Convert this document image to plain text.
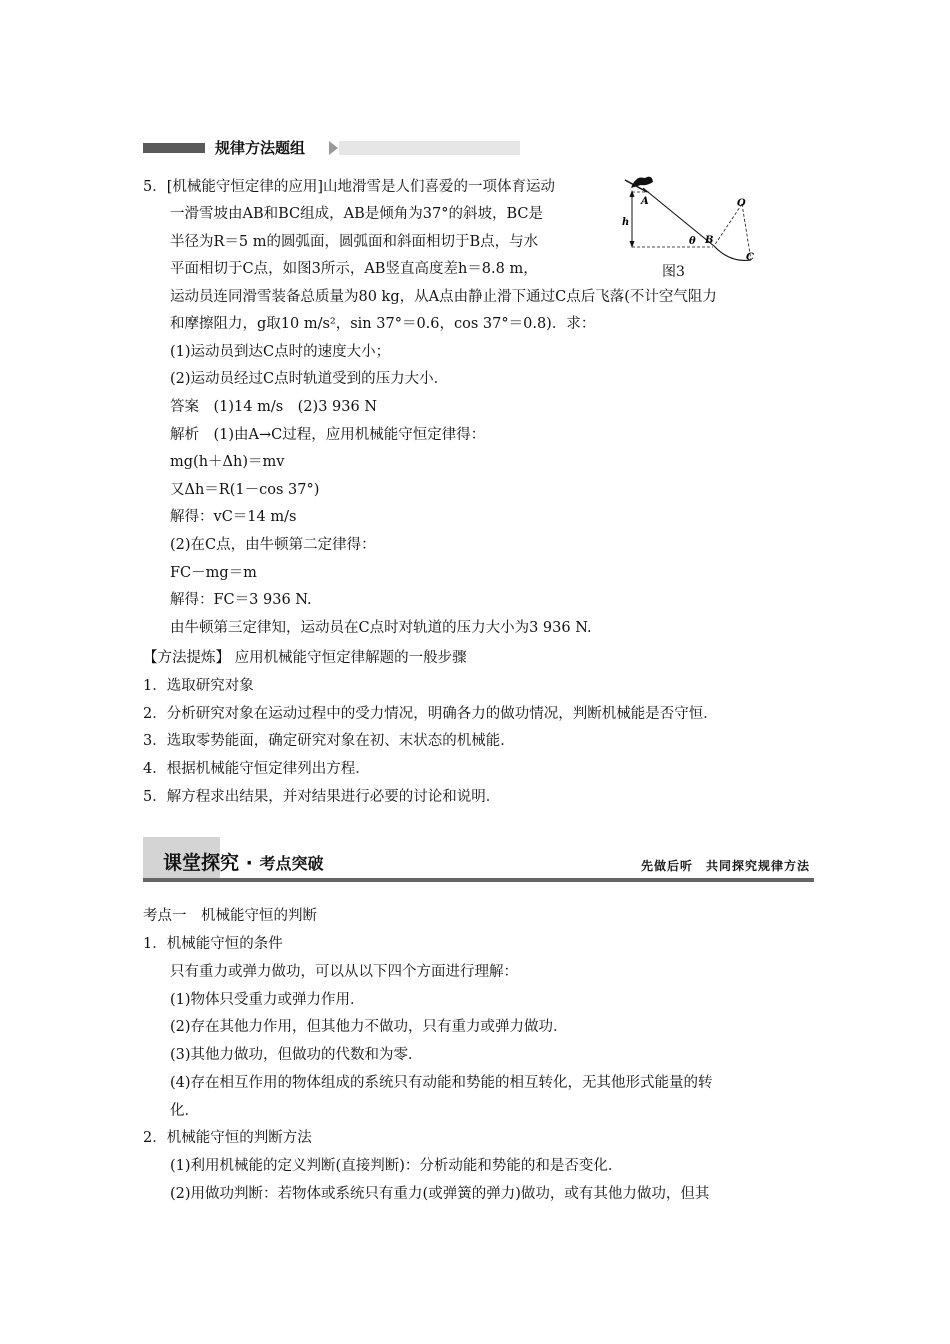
规律方法题组
5．[机械能守恒定律的应用]山地滑雪是人们喜爱的一项体育运动
一滑雪坡由AB和BC组成，AB是倾角为37°的斜坡，BC是
半径为R＝5 m的圆弧面，圆弧面和斜面相切于B点，与水
平面相切于C点，如图3所示，AB竖直高度差h＝8.8 m，
运动员连同滑雪装备总质量为80 kg，从A点由静止滑下通过C点后飞落(不计空气阻力
和摩擦阻力，g取10 m/s²，sin 37°＝0.6，cos 37°＝0.8)．求：
(1)运动员到达C点时的速度大小；
(2)运动员经过C点时轨道受到的压力大小．
答案　(1)14 m/s　(2)3 936 N
解析　(1)由A→C过程，应用机械能守恒定律得：
mg(h＋Δh)＝mv
又Δh＝R(1－cos 37°)
解得：vC＝14 m/s
(2)在C点，由牛顿第二定律得：
FC－mg＝m
解得：FC＝3 936 N.
由牛顿第三定律知，运动员在C点时对轨道的压力大小为3 936 N.
A
h
θ B
O
C
图3
【方法提炼】 应用机械能守恒定律解题的一般步骤
1．选取研究对象
2．分析研究对象在运动过程中的受力情况，明确各力的做功情况，判断机械能是否守恒．
3．选取零势能面，确定研究对象在初、末状态的机械能．
4．根据机械能守恒定律列出方程．
5．解方程求出结果，并对结果进行必要的讨论和说明．
课堂探究 · 考点突破	先做后听　共同探究规律方法
考点一　机械能守恒的判断
1．机械能守恒的条件
只有重力或弹力做功，可以从以下四个方面进行理解：
(1)物体只受重力或弹力作用．
(2)存在其他力作用，但其他力不做功，只有重力或弹力做功．
(3)其他力做功，但做功的代数和为零．
(4)存在相互作用的物体组成的系统只有动能和势能的相互转化，无其他形式能量的转
化．
2．机械能守恒的判断方法
(1)利用机械能的定义判断(直接判断)：分析动能和势能的和是否变化．
(2)用做功判断：若物体或系统只有重力(或弹簧的弹力)做功，或有其他力做功，但其
